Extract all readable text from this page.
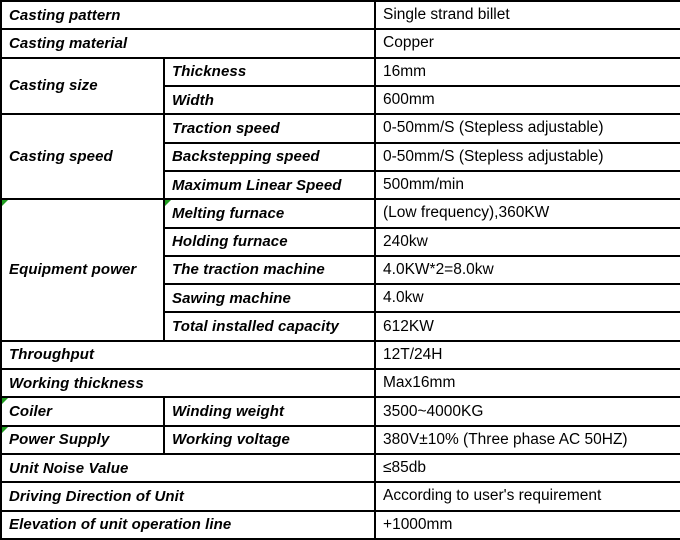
Casting pattern		Single strand billet
Casting material		Copper
Casting size	Thickness	16mm
	Width	600mm
Casting speed	Traction speed	0-50mm/S (Stepless adjustable)
	Backstepping speed	0-50mm/S (Stepless adjustable)
	Maximum Linear Speed	500mm/min

Equipment power	Melting furnace	(Low frequency),360KW
	Holding furnace	240kw
	The traction machine	4.0KW*2=8.0kw
	Sawing machine	4.0kw
	Total installed capacity	612KW
Throughput		12T/24H
Working thickness		Max16mm

Coiler	Winding weight	3500~4000KG

Power Supply	Working voltage	380V±10% (Three phase AC 50HZ)
Unit Noise Value		≤85db
Driving Direction of Unit		According to user's requirement
Elevation of unit operation line		+1000mm
